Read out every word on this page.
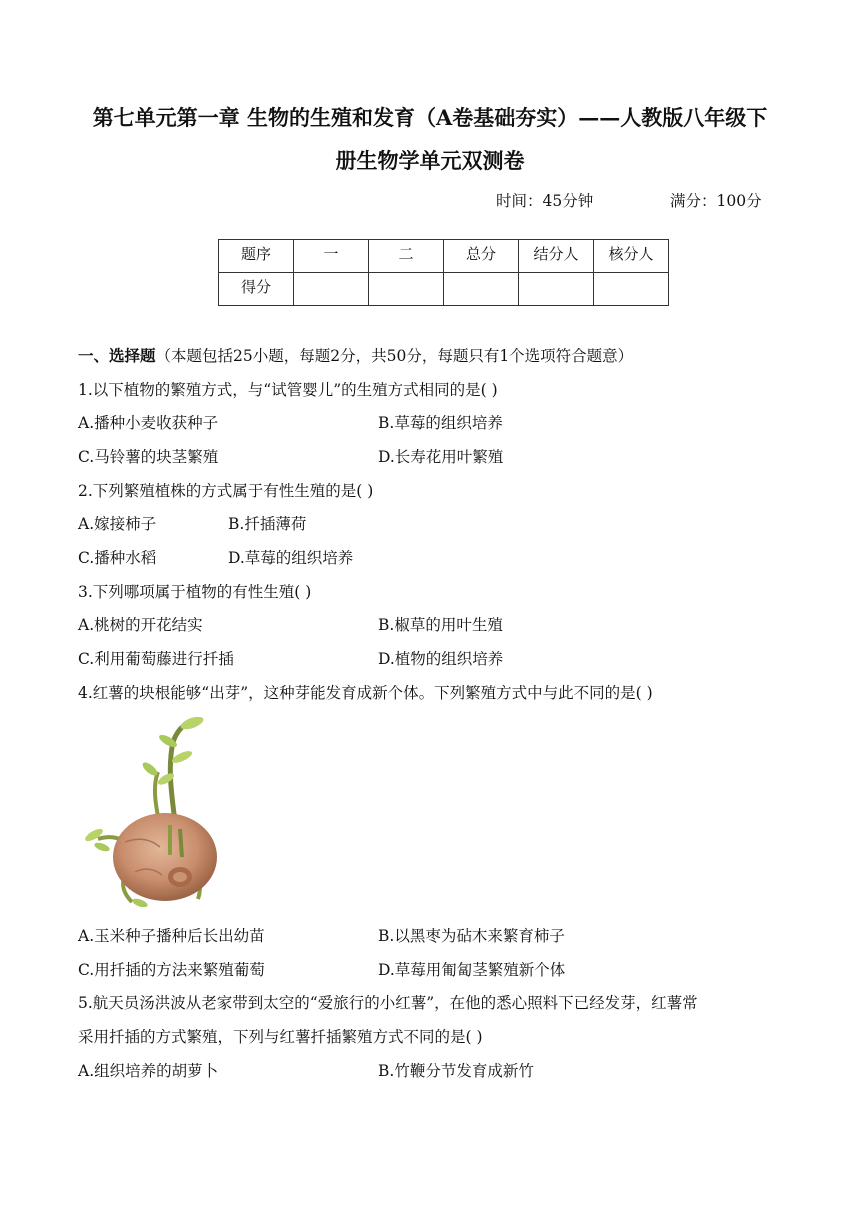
第七单元第一章 生物的生殖和发育（A卷基础夯实）——人教版八年级下
册生物学单元双测卷
时间：45分钟	满分：100分
题序	一	二	总分	结分人	核分人
得分					
一、选择题（本题包括25小题，每题2分，共50分，每题只有1个选项符合题意）
1.以下植物的繁殖方式，与“试管婴儿”的生殖方式相同的是( )
A.播种小麦收获种子	B.草莓的组织培养
C.马铃薯的块茎繁殖	D.长寿花用叶繁殖
2.下列繁殖植株的方式属于有性生殖的是( )
A.嫁接柿子	B.扦插薄荷
C.播种水稻	D.草莓的组织培养
3.下列哪项属于植物的有性生殖( )
A.桃树的开花结实	B.椒草的用叶生殖
C.利用葡萄藤进行扦插	D.植物的组织培养
4.红薯的块根能够“出芽”，这种芽能发育成新个体。下列繁殖方式中与此不同的是( )
A.玉米种子播种后长出幼苗	B.以黑枣为砧木来繁育柿子
C.用扦插的方法来繁殖葡萄	D.草莓用匍匐茎繁殖新个体
5.航天员汤洪波从老家带到太空的“爱旅行的小红薯”，在他的悉心照料下已经发芽，红薯常
采用扦插的方式繁殖，下列与红薯扦插繁殖方式不同的是( )
A.组织培养的胡萝卜	B.竹鞭分节发育成新竹
